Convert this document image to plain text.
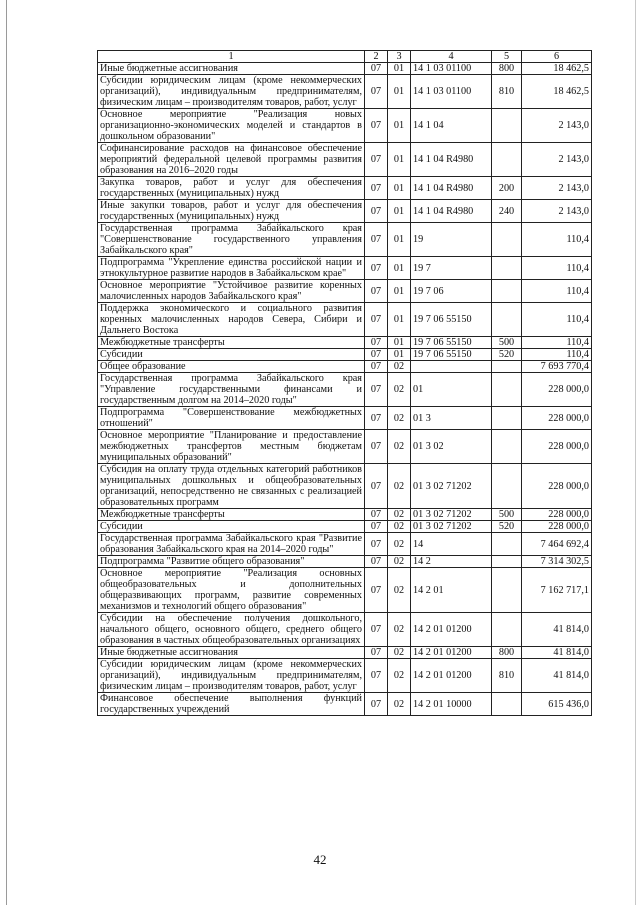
1	2	3	4	5	6
Иные бюджетные ассигнования	07	01	14 1 03 01100	800	18 462,5
Субсидии юридическим лицам (кроме некоммерческих организаций), индивидуальным предпринимателям, физическим лицам – производителям товаров, работ, услуг	07	01	14 1 03 01100	810	18 462,5
Основное мероприятие "Реализация новых организационно-экономических моделей и стандартов в дошкольном образовании"	07	01	14 1 04		2 143,0
Софинансирование расходов на финансовое обеспечение мероприятий федеральной целевой программы развития образования на 2016–2020 годы	07	01	14 1 04 R4980		2 143,0
Закупка товаров, работ и услуг для обеспечения государственных (муниципальных) нужд	07	01	14 1 04 R4980	200	2 143,0
Иные закупки товаров, работ и услуг для обеспечения государственных (муниципальных) нужд	07	01	14 1 04 R4980	240	2 143,0
Государственная программа Забайкальского края "Совершенствование государственного управления Забайкальского края"	07	01	19		110,4
Подпрограмма "Укрепление единства российской нации и этнокультурное развитие народов в Забайкальском крае"	07	01	19 7		110,4
Основное мероприятие "Устойчивое развитие коренных малочисленных народов Забайкальского края"	07	01	19 7 06		110,4
Поддержка экономического и социального развития коренных малочисленных народов Севера, Сибири и Дальнего Востока	07	01	19 7 06 55150		110,4
Межбюджетные трансферты	07	01	19 7 06 55150	500	110,4
Субсидии	07	01	19 7 06 55150	520	110,4
Общее образование	07	02			7 693 770,4
Государственная программа Забайкальского края "Управление государственными финансами и государственным долгом на 2014–2020 годы"	07	02	01		228 000,0
Подпрограмма "Совершенствование межбюджетных отношений"	07	02	01 3		228 000,0
Основное мероприятие "Планирование и предоставление межбюджетных трансфертов местным бюджетам муниципальных образований"	07	02	01 3 02		228 000,0
Субсидия на оплату труда отдельных категорий работников муниципальных дошкольных и общеобразовательных организаций, непосредственно не связанных с реализацией образовательных программ	07	02	01 3 02 71202		228 000,0
Межбюджетные трансферты	07	02	01 3 02 71202	500	228 000,0
Субсидии	07	02	01 3 02 71202	520	228 000,0
Государственная программа Забайкальского края "Развитие образования Забайкальского края на 2014–2020 годы"	07	02	14		7 464 692,4
Подпрограмма "Развитие общего образования"	07	02	14 2		7 314 302,5
Основное мероприятие "Реализация основных общеобразовательных и дополнительных общеразвивающих программ, развитие современных механизмов и технологий общего образования"	07	02	14 2 01		7 162 717,1
Субсидии на обеспечение получения дошкольного, начального общего, основного общего, среднего общего образования в частных общеобразовательных организациях	07	02	14 2 01 01200		41 814,0
Иные бюджетные ассигнования	07	02	14 2 01 01200	800	41 814,0
Субсидии юридическим лицам (кроме некоммерческих организаций), индивидуальным предпринимателям, физическим лицам – производителям товаров, работ, услуг	07	02	14 2 01 01200	810	41 814,0
Финансовое обеспечение выполнения функций государственных учреждений	07	02	14 2 01 10000		615 436,0
42
